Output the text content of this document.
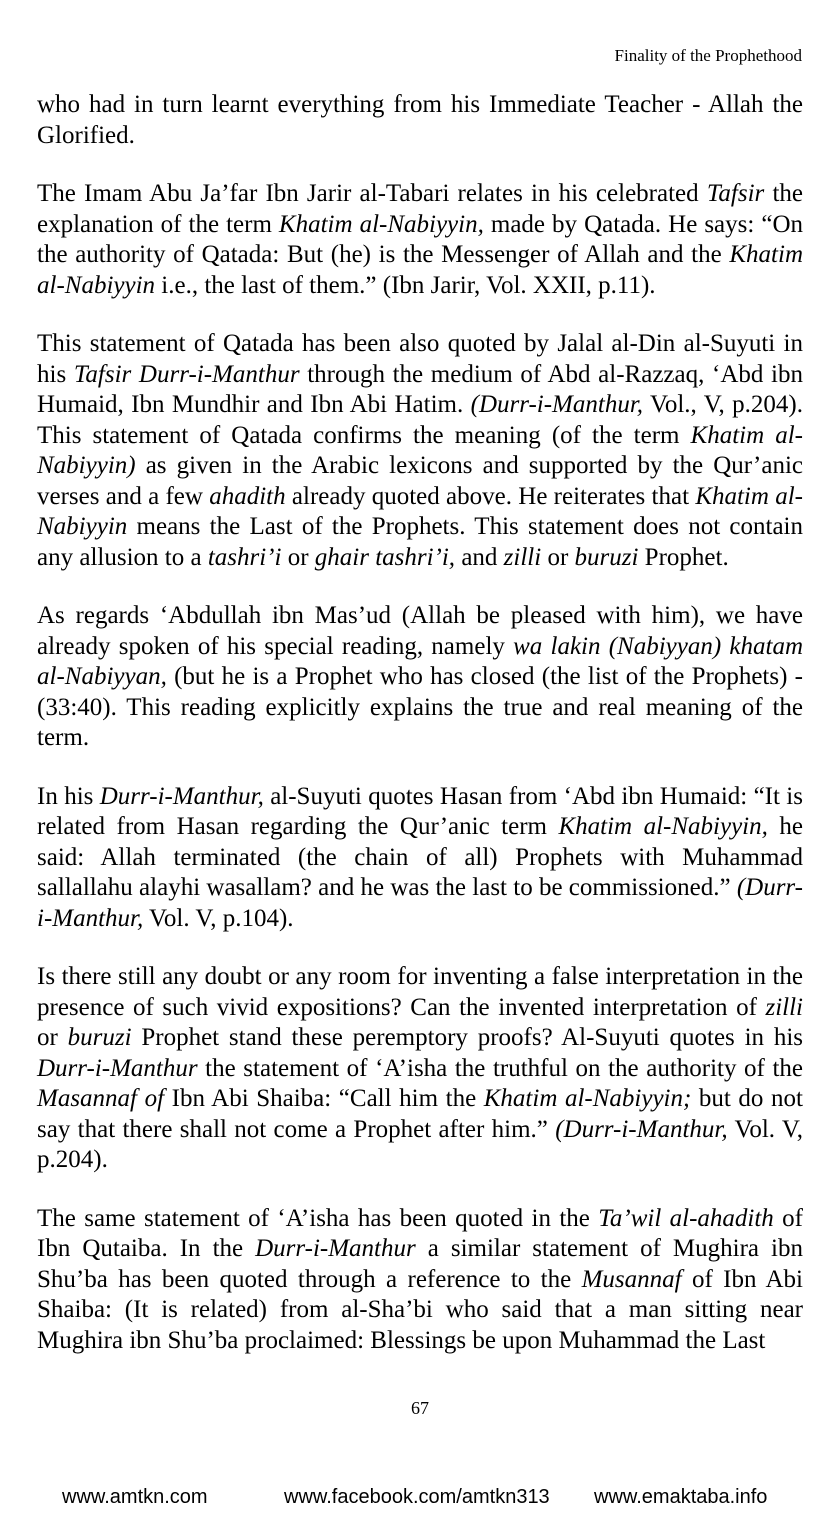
Finality of the Prophethood

who had in turn learnt everything from his Immediate Teacher - Allah the Glorified.

The Imam Abu Ja’far Ibn Jarir al-Tabari relates in his celebrated Tafsir the explanation of the term Khatim al-Nabiyyin, made by Qatada. He says: “On the authority of Qatada: But (he) is the Messenger of Allah and the Khatim al-Nabiyyin i.e., the last of them.” (Ibn Jarir, Vol. XXII, p.11).

This statement of Qatada has been also quoted by Jalal al-Din al-Suyuti in his Tafsir Durr-i-Manthur through the medium of Abd al-Razzaq, ‘Abd ibn Humaid, Ibn Mundhir and Ibn Abi Hatim. (Durr-i-Manthur, Vol., V, p.204). This statement of Qatada confirms the meaning (of the term Khatim al-Nabiyyin) as given in the Arabic lexicons and supported by the Qur’anic verses and a few ahadith already quoted above. He reiterates that Khatim al-Nabiyyin means the Last of the Prophets. This statement does not contain any allusion to a tashri’i or ghair tashri’i, and zilli or buruzi Prophet.

As regards ‘Abdullah ibn Mas’ud (Allah be pleased with him), we have already spoken of his special reading, namely wa lakin (Nabiyyan) khatam al-Nabiyyan, (but he is a Prophet who has closed (the list of the Prophets) - (33:40). This reading explicitly explains the true and real meaning of the term.

In his Durr-i-Manthur, al-Suyuti quotes Hasan from ‘Abd ibn Humaid: “It is related from Hasan regarding the Qur’anic term Khatim al-Nabiyyin, he said: Allah terminated (the chain of all) Prophets with Muhammad sallallahu alayhi wasallam? and he was the last to be commissioned.” (Durr-i-Manthur, Vol. V, p.104).

Is there still any doubt or any room for inventing a false interpretation in the presence of such vivid expositions? Can the invented interpretation of zilli or buruzi Prophet stand these peremptory proofs? Al-Suyuti quotes in his Durr-i-Manthur the statement of ‘A’isha the truthful on the authority of the Masannaf of Ibn Abi Shaiba: “Call him the Khatim al-Nabiyyin; but do not say that there shall not come a Prophet after him.” (Durr-i-Manthur, Vol. V, p.204).

The same statement of ‘A’isha has been quoted in the Ta’wil al-ahadith of Ibn Qutaiba. In the Durr-i-Manthur a similar statement of Mughira ibn Shu’ba has been quoted through a reference to the Musannaf of Ibn Abi Shaiba: (It is related) from al-Sha’bi who said that a man sitting near Mughira ibn Shu’ba proclaimed: Blessings be upon Muhammad the Last

67
www.amtkn.com	www.facebook.com/amtkn313 www.emaktaba.info
